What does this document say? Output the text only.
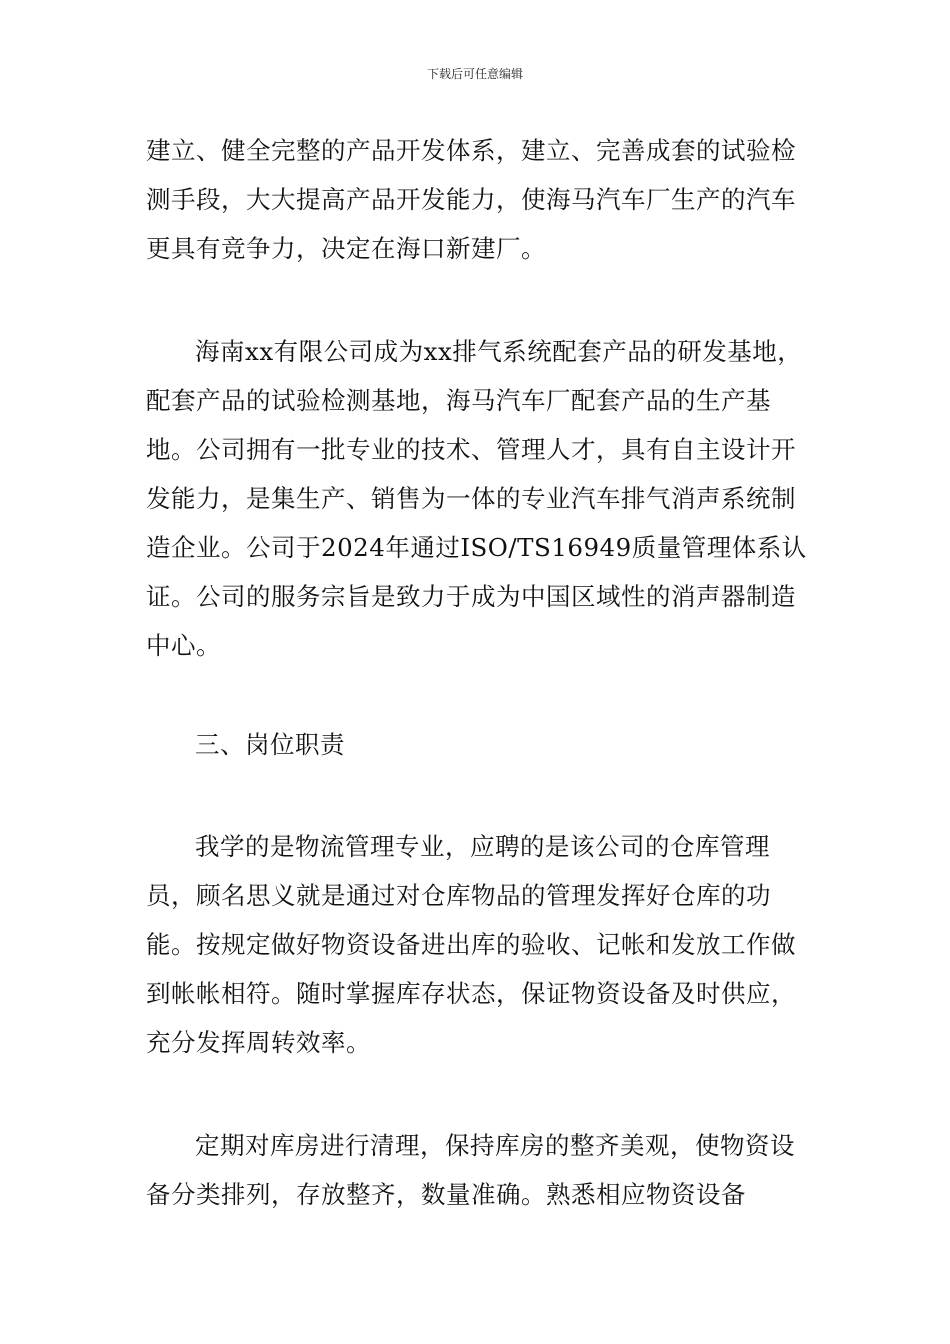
下载后可任意编辑

建立、健全完整的产品开发体系，建立、完善成套的试验检测手段，大大提高产品开发能力，使海马汽车厂生产的汽车更具有竞争力，决定在海口新建厂。

海南xx有限公司成为xx排气系统配套产品的研发基地，配套产品的试验检测基地，海马汽车厂配套产品的生产基地。公司拥有一批专业的技术、管理人才，具有自主设计开发能力，是集生产、销售为一体的专业汽车排气消声系统制造企业。公司于2024年通过ISO/TS16949质量管理体系认证。公司的服务宗旨是致力于成为中国区域性的消声器制造中心。

三、岗位职责

我学的是物流管理专业，应聘的是该公司的仓库管理员，顾名思义就是通过对仓库物品的管理发挥好仓库的功能。按规定做好物资设备进出库的验收、记帐和发放工作做到帐帐相符。随时掌握库存状态，保证物资设备及时供应，充分发挥周转效率。

定期对库房进行清理，保持库房的整齐美观，使物资设备分类排列，存放整齐，数量准确。熟悉相应物资设备
